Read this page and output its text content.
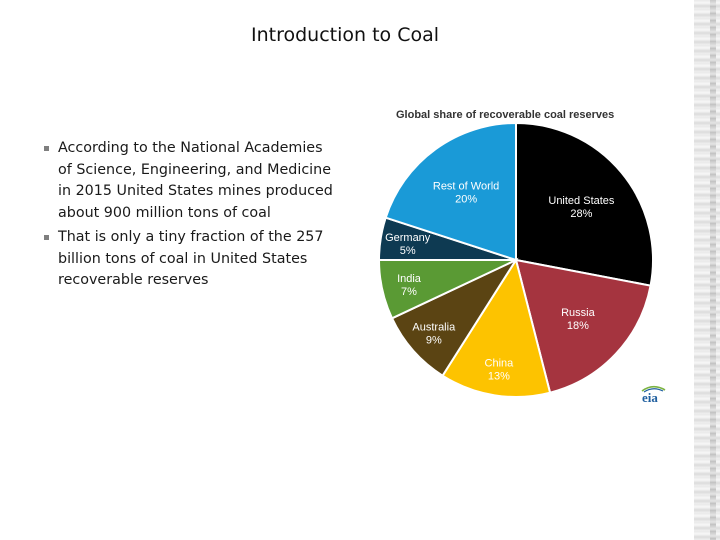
Introduction to Coal
According to the National Academies of Science, Engineering, and Medicine in 2015 United States mines produced about 900 million tons of coal
That is only a tiny fraction of the 257 billion tons of coal in United States recoverable reserves
United States
28%
Russia
18%
China
13%
Australia
9%
India
7%
Germany
5%
Rest of World
20%
Global share of recoverable coal reserves
eia
